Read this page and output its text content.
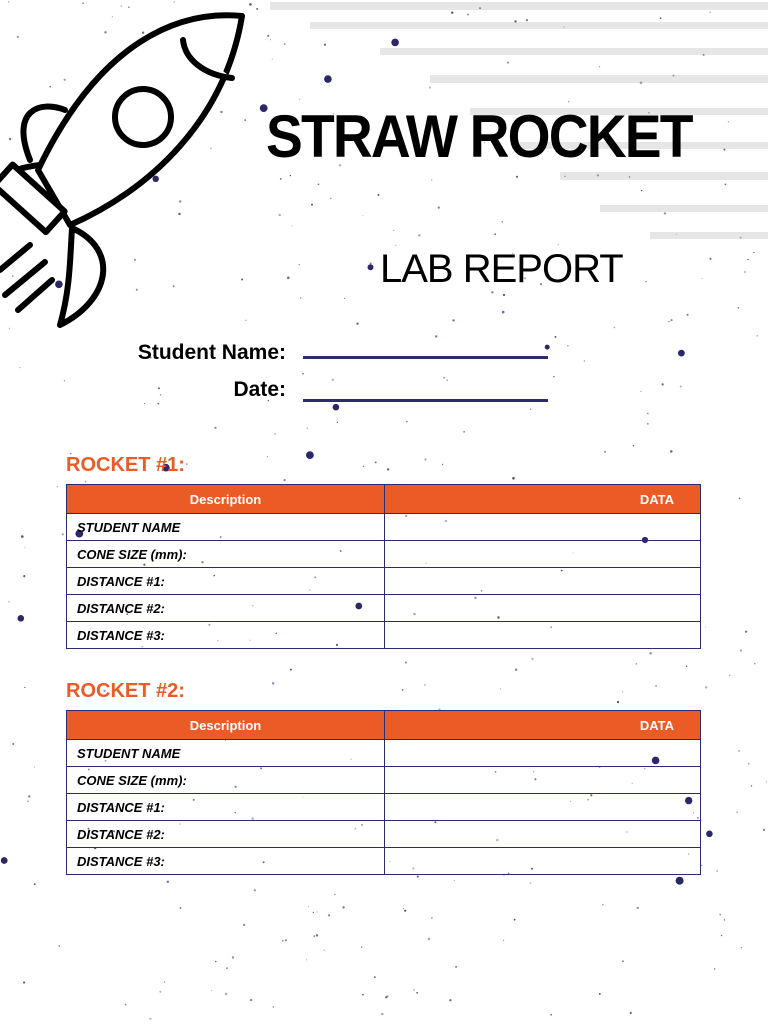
STRAW ROCKET
LAB REPORT
Student Name:
Date:
ROCKET #1:
Description	DATA
STUDENT NAME	
CONE SIZE (mm):	
DISTANCE #1:	
DISTANCE #2:	
DISTANCE #3:	
ROCKET #2:
Description	DATA
STUDENT NAME	
CONE SIZE (mm):	
DISTANCE #1:	
DISTANCE #2:	
DISTANCE #3:	
